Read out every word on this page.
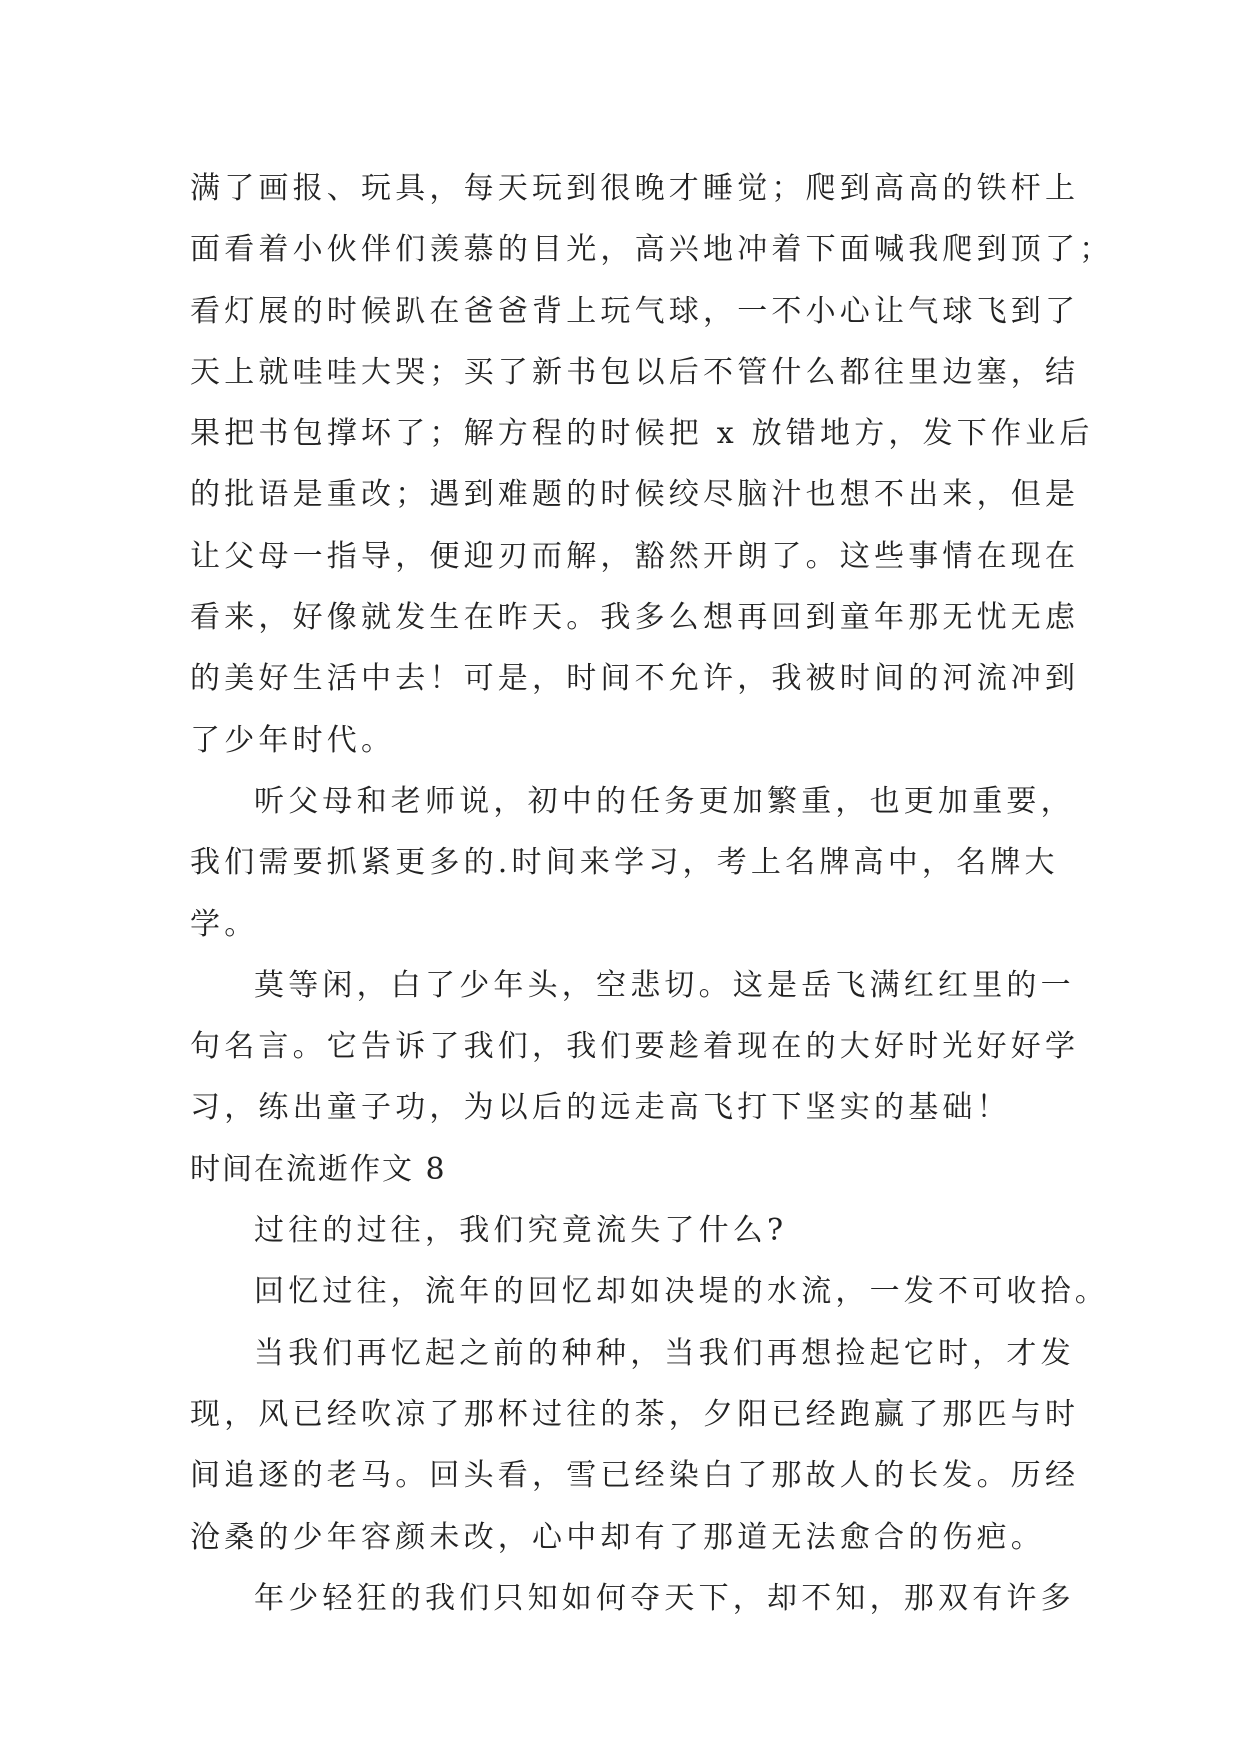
满了画报、玩具，每天玩到很晚才睡觉；爬到高高的铁杆上
面看着小伙伴们羡慕的目光，高兴地冲着下面喊我爬到顶了；
看灯展的时候趴在爸爸背上玩气球，一不小心让气球飞到了
天上就哇哇大哭；买了新书包以后不管什么都往里边塞，结
果把书包撑坏了；解方程的时候把 x 放错地方，发下作业后
的批语是重改；遇到难题的时候绞尽脑汁也想不出来，但是
让父母一指导，便迎刃而解，豁然开朗了。这些事情在现在
看来，好像就发生在昨天。我多么想再回到童年那无忧无虑
的美好生活中去！可是，时间不允许，我被时间的河流冲到
了少年时代。
听父母和老师说，初中的任务更加繁重，也更加重要，
我们需要抓紧更多的.时间来学习，考上名牌高中，名牌大
学。
莫等闲，白了少年头，空悲切。这是岳飞满红红里的一
句名言。它告诉了我们，我们要趁着现在的大好时光好好学
习，练出童子功，为以后的远走高飞打下坚实的基础！
时间在流逝作文 8
过往的过往，我们究竟流失了什么?
回忆过往，流年的回忆却如决堤的水流，一发不可收拾。
当我们再忆起之前的种种，当我们再想捡起它时，才发
现，风已经吹凉了那杯过往的茶，夕阳已经跑赢了那匹与时
间追逐的老马。回头看，雪已经染白了那故人的长发。历经
沧桑的少年容颜未改，心中却有了那道无法愈合的伤疤。
年少轻狂的我们只知如何夺天下，却不知，那双有许多
